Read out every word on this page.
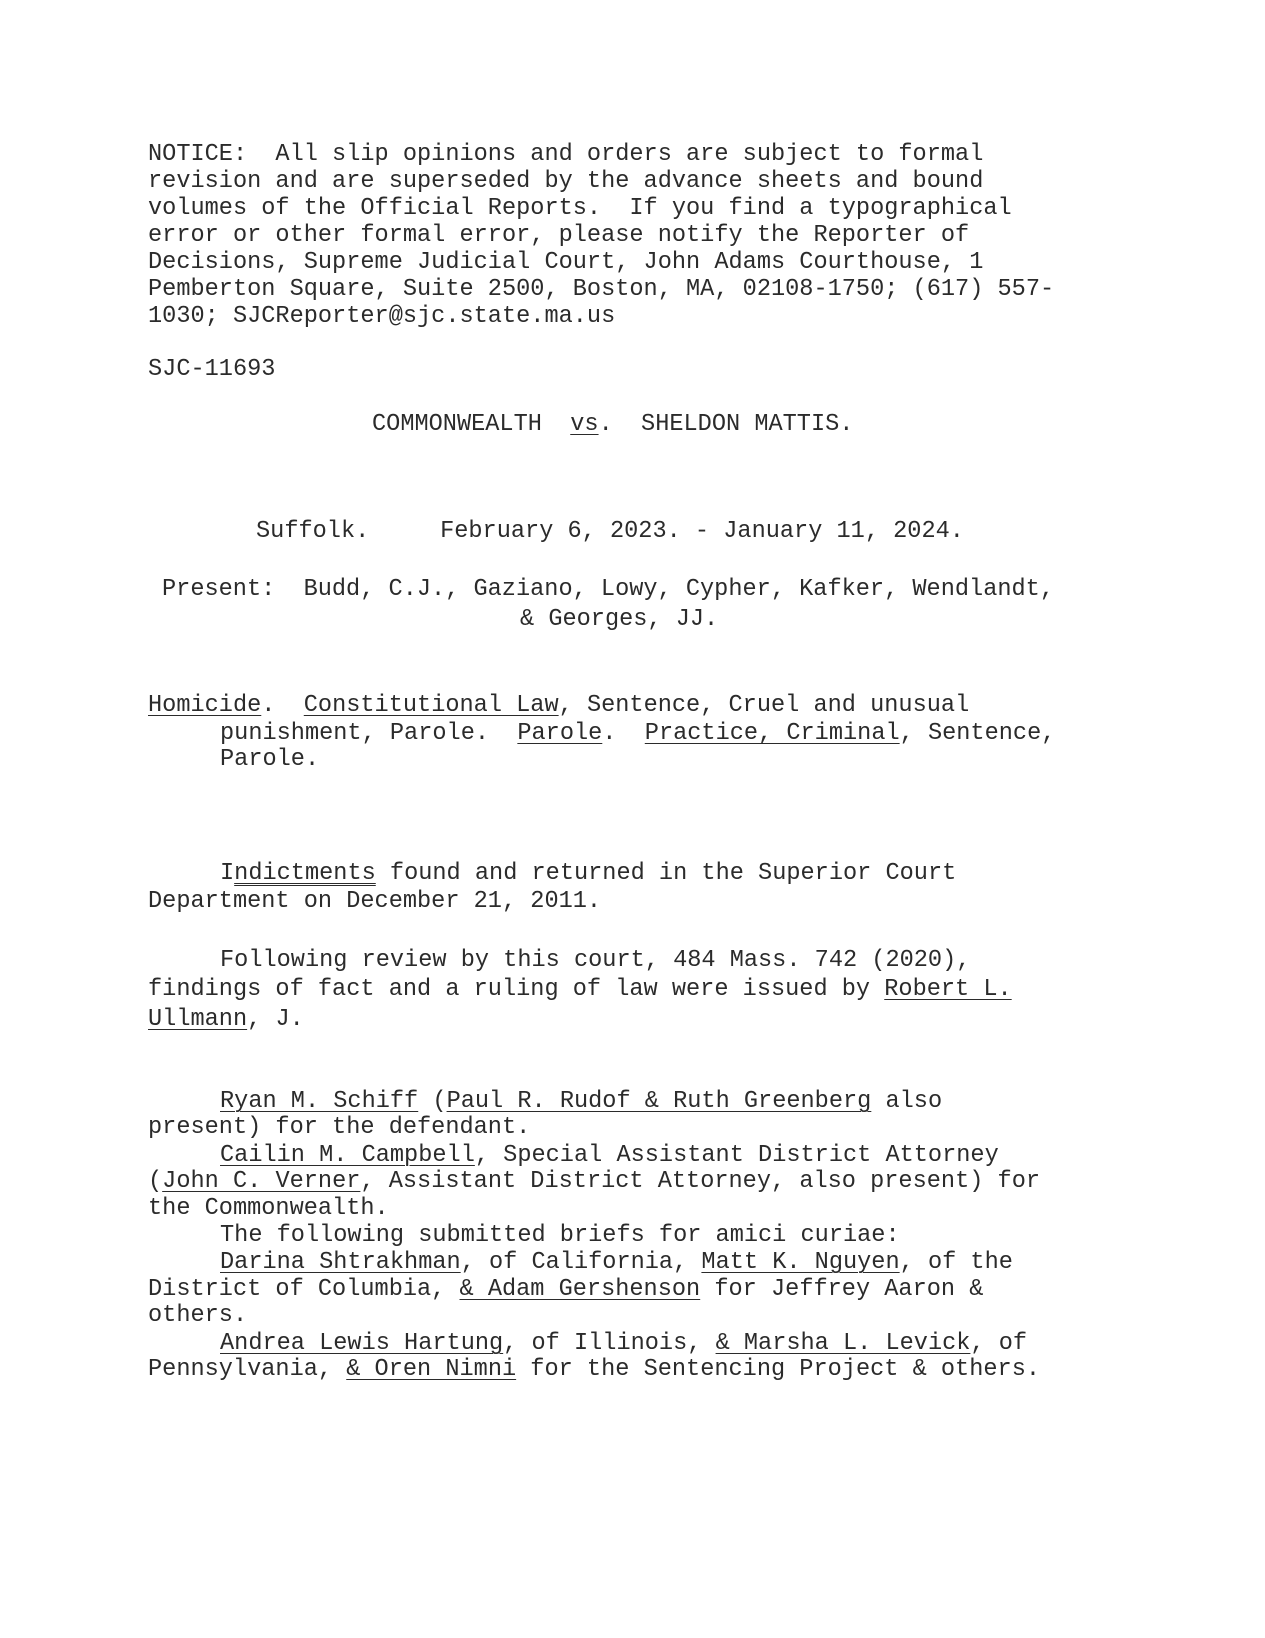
NOTICE:  All slip opinions and orders are subject to formal
revision and are superseded by the advance sheets and bound
volumes of the Official Reports.  If you find a typographical
error or other formal error, please notify the Reporter of
Decisions, Supreme Judicial Court, John Adams Courthouse, 1
Pemberton Square, Suite 2500, Boston, MA, 02108-1750; (617) 557-
1030; SJCReporter@sjc.state.ma.us
SJC-11693
COMMONWEALTH vs.  SHELDON MATTIS.
Suffolk.	February 6, 2023. - January 11, 2024.
Present:  Budd, C.J., Gaziano, Lowy, Cypher, Kafker, Wendlandt,
& Georges, JJ.
Homicide.  Constitutional Law, Sentence, Cruel and unusual
punishment, Parole.  Parole.  Practice, Criminal, Sentence,
Parole.
Indictments found and returned in the Superior Court
Department on December 21, 2011.
Following review by this court, 484 Mass. 742 (2020),
findings of fact and a ruling of law were issued by Robert L.
Ullmann, J.
Ryan M. Schiff (Paul R. Rudof & Ruth Greenberg also
present) for the defendant.
Cailin M. Campbell, Special Assistant District Attorney
(John C. Verner, Assistant District Attorney, also present) for
the Commonwealth.
The following submitted briefs for amici curiae:
Darina Shtrakhman, of California, Matt K. Nguyen, of the
District of Columbia, & Adam Gershenson for Jeffrey Aaron &
others.
Andrea Lewis Hartung, of Illinois, & Marsha L. Levick, of
Pennsylvania, & Oren Nimni for the Sentencing Project & others.
